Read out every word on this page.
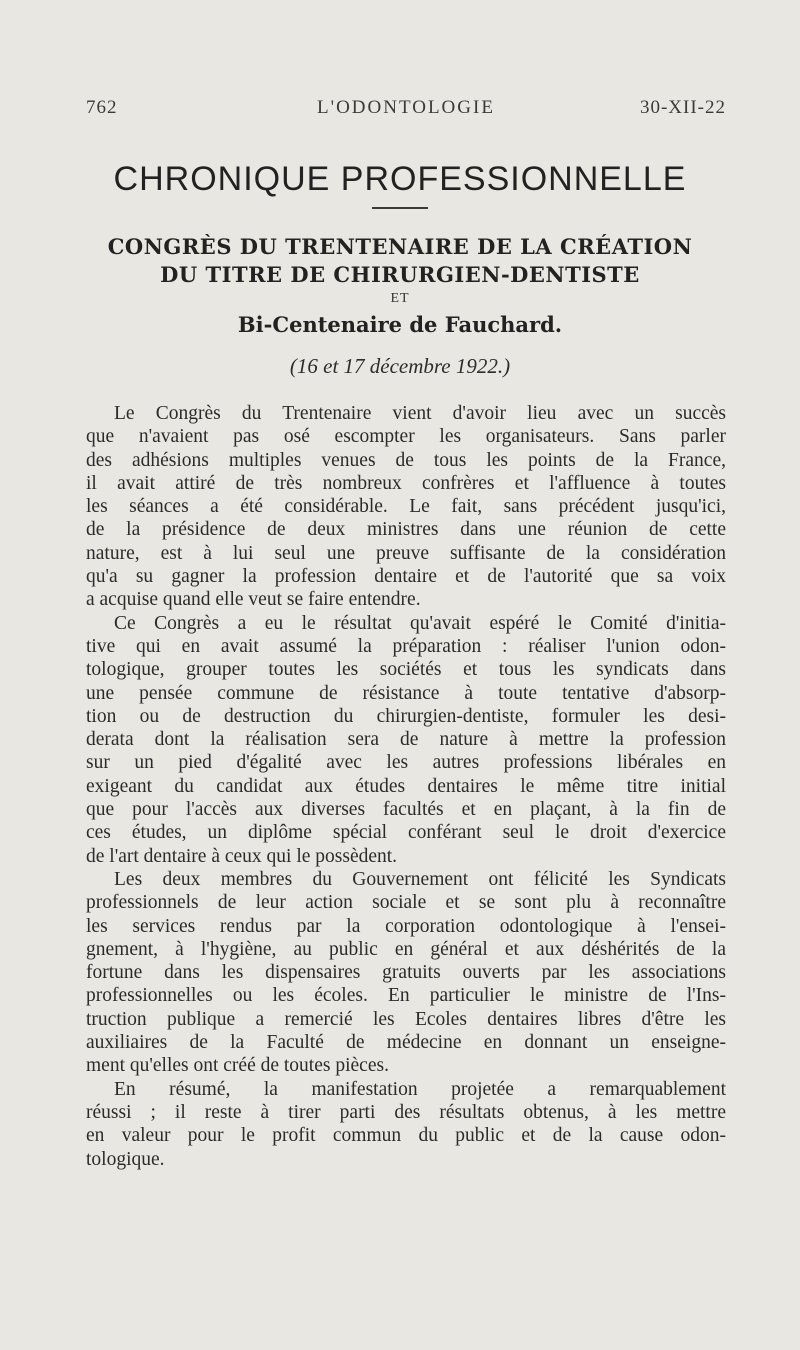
762	L'ODONTOLOGIE	30-XII-22
CHRONIQUE PROFESSIONNELLE
CONGRÈS DU TRENTENAIRE DE LA CRÉATION
DU TITRE DE CHIRURGIEN-DENTISTE
ET
Bi-Centenaire de Fauchard.
(16 et 17 décembre 1922.)
Le Congrès du Trentenaire vient d'avoir lieu avec un succès
que n'avaient pas osé escompter les organisateurs. Sans parler
des adhésions multiples venues de tous les points de la France,
il avait attiré de très nombreux confrères et l'affluence à toutes
les séances a été considérable. Le fait, sans précédent jusqu'ici,
de la présidence de deux ministres dans une réunion de cette
nature, est à lui seul une preuve suffisante de la considération
qu'a su gagner la profession dentaire et de l'autorité que sa voix
a acquise quand elle veut se faire entendre.
Ce Congrès a eu le résultat qu'avait espéré le Comité d'initia-
tive qui en avait assumé la préparation : réaliser l'union odon-
tologique, grouper toutes les sociétés et tous les syndicats dans
une pensée commune de résistance à toute tentative d'absorp-
tion ou de destruction du chirurgien-dentiste, formuler les desi-
derata dont la réalisation sera de nature à mettre la profession
sur un pied d'égalité avec les autres professions libérales en
exigeant du candidat aux études dentaires le même titre initial
que pour l'accès aux diverses facultés et en plaçant, à la fin de
ces études, un diplôme spécial conférant seul le droit d'exercice
de l'art dentaire à ceux qui le possèdent.
Les deux membres du Gouvernement ont félicité les Syndicats
professionnels de leur action sociale et se sont plu à reconnaître
les services rendus par la corporation odontologique à l'ensei-
gnement, à l'hygiène, au public en général et aux déshérités de la
fortune dans les dispensaires gratuits ouverts par les associations
professionnelles ou les écoles. En particulier le ministre de l'Ins-
truction publique a remercié les Ecoles dentaires libres d'être les
auxiliaires de la Faculté de médecine en donnant un enseigne-
ment qu'elles ont créé de toutes pièces.
En résumé, la manifestation projetée a remarquablement
réussi ; il reste à tirer parti des résultats obtenus, à les mettre
en valeur pour le profit commun du public et de la cause odon-
tologique.
